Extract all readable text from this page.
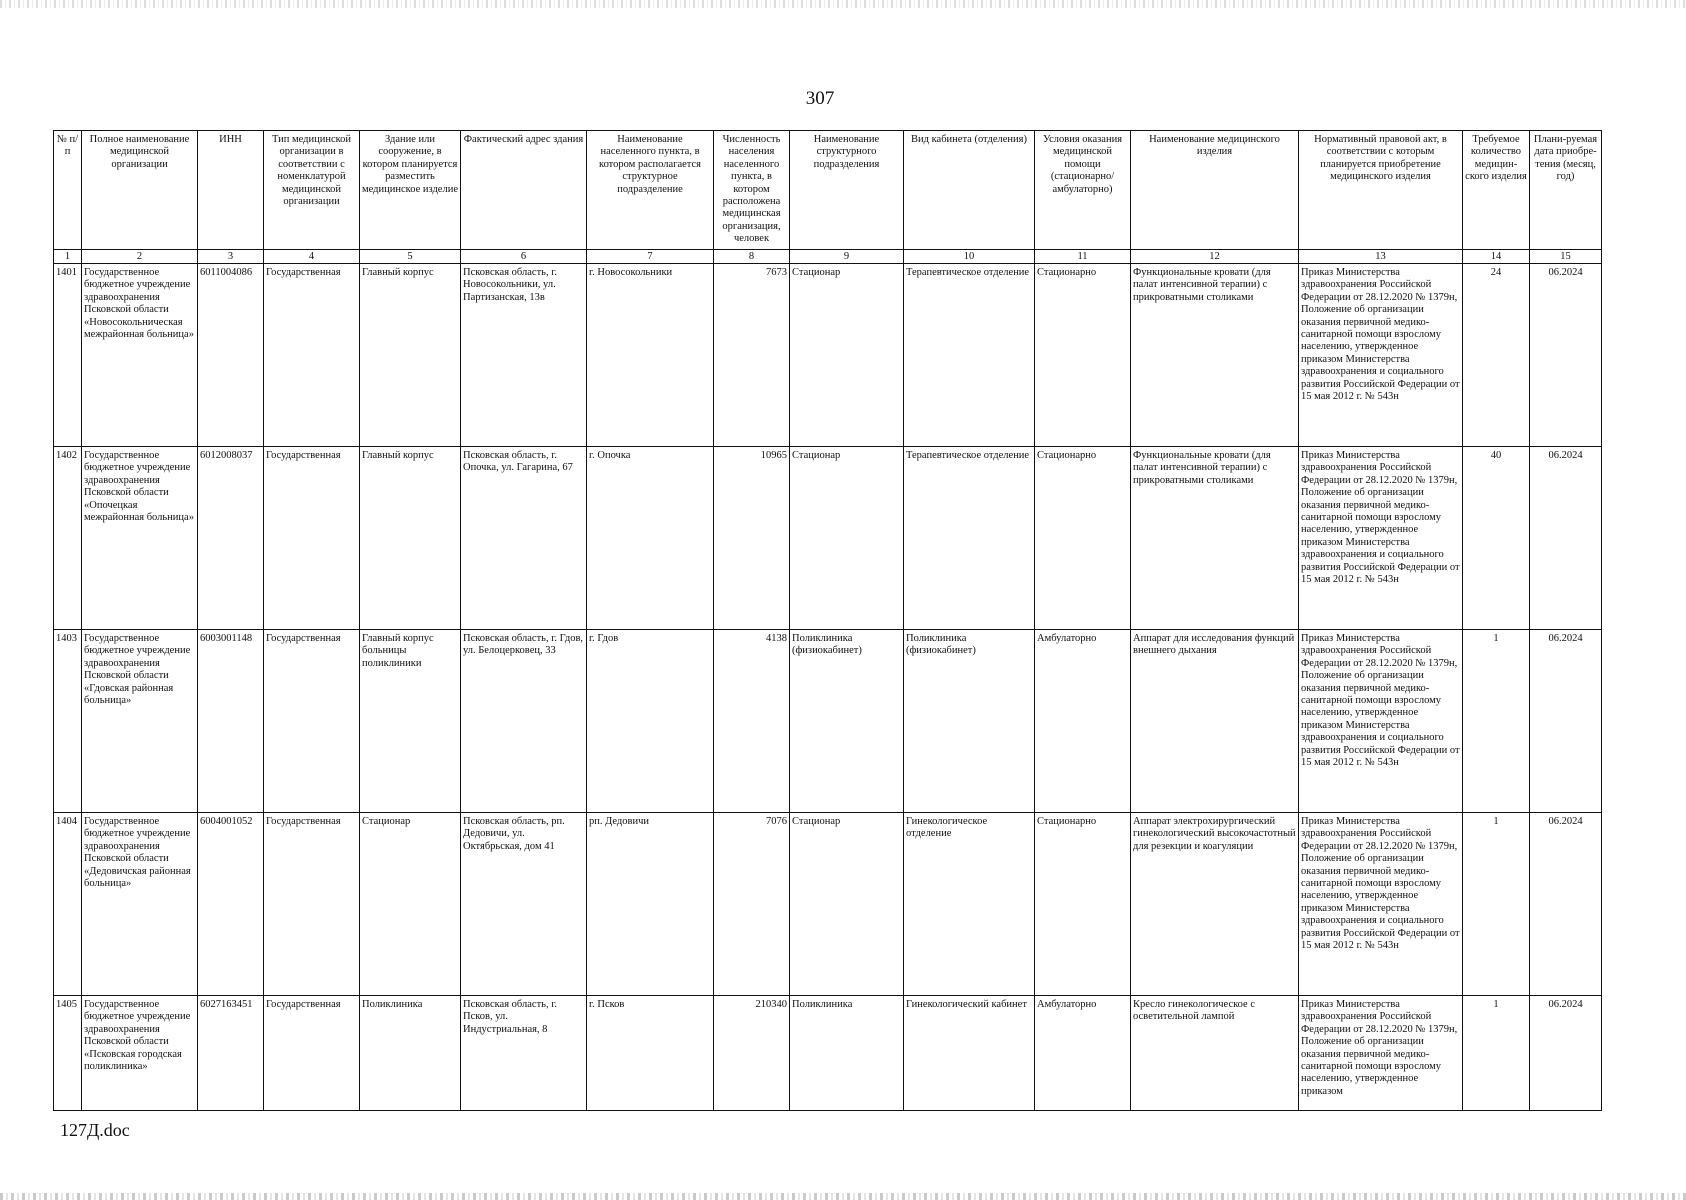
307
№ п/п	Полное наименование медицинской организации	ИНН	Тип медицинской организации в соответствии с номенклатурой медицинской организации	Здание или сооружение, в котором планируется разместить медицинское изделие	Фактический адрес здания	Наименование населенного пункта, в котором располагается структурное подразделение	Численность населения населенного пункта, в котором расположена медицинская организация, человек	Наименование структурного подразделения	Вид кабинета (отделения)	Условия оказания медицинской помощи (стационарно/ амбулаторно)	Наименование медицинского изделия	Нормативный правовой акт, в соответствии с которым планируется приобретение медицинского изделия	Требуемое количество медицин-ского изделия	Плани-руемая дата приобре-тения (месяц, год)
1	2	3	4	5	6	7	8	9	10	11	12	13	14	15
1401	Государственное бюджетное учреждение здравоохранения Псковской области «Новосокольническая межрайонная больница»	6011004086	Государственная	Главный корпус	Псковская область, г. Новосокольники, ул. Партизанская, 13в	г. Новосокольники	7673	Стационар	Терапевтическое отделение	Стационарно	Функциональные кровати (для палат интенсивной терапии) с прикроватными столиками	Приказ Министерства здравоохранения Российской Федерации от 28.12.2020 № 1379н, Положение об организации оказания первичной медико-санитарной помощи взрослому населению, утвержденное приказом Министерства здравоохранения и социального развития Российской Федерации от 15 мая 2012 г. № 543н	24	06.2024
1402	Государственное бюджетное учреждение здравоохранения Псковской области «Опочецкая межрайонная больница»	6012008037	Государственная	Главный корпус	Псковская область, г. Опочка, ул. Гагарина, 67	г. Опочка	10965	Стационар	Терапевтическое отделение	Стационарно	Функциональные кровати (для палат интенсивной терапии) с прикроватными столиками	Приказ Министерства здравоохранения Российской Федерации от 28.12.2020 № 1379н, Положение об организации оказания первичной медико-санитарной помощи взрослому населению, утвержденное приказом Министерства здравоохранения и социального развития Российской Федерации от 15 мая 2012 г. № 543н	40	06.2024
1403	Государственное бюджетное учреждение здравоохранения Псковской области «Гдовская районная больница»	6003001148	Государственная	Главный корпус больницы поликлиники	Псковская область, г. Гдов, ул. Белоцерковец, 33	г. Гдов	4138	Поликлиника (физиокабинет)	Поликлиника (физиокабинет)	Амбулаторно	Аппарат для исследования функций внешнего дыхания	Приказ Министерства здравоохранения Российской Федерации от 28.12.2020 № 1379н, Положение об организации оказания первичной медико-санитарной помощи взрослому населению, утвержденное приказом Министерства здравоохранения и социального развития Российской Федерации от 15 мая 2012 г. № 543н	1	06.2024
1404	Государственное бюджетное учреждение здравоохранения Псковской области «Дедовичская районная больница»	6004001052	Государственная	Стационар	Псковская область, рп. Дедовичи, ул. Октябрьская, дом 41	рп. Дедовичи	7076	Стационар	Гинекологическое отделение	Стационарно	Аппарат электрохирургический гинекологический высокочастотный для резекции и коагуляции	Приказ Министерства здравоохранения Российской Федерации от 28.12.2020 № 1379н, Положение об организации оказания первичной медико-санитарной помощи взрослому населению, утвержденное приказом Министерства здравоохранения и социального развития Российской Федерации от 15 мая 2012 г. № 543н	1	06.2024
1405	Государственное бюджетное учреждение здравоохранения Псковской области «Псковская городская поликлиника»	6027163451	Государственная	Поликлиника	Псковская область, г. Псков, ул. Индустриальная, 8	г. Псков	210340	Поликлиника	Гинекологический кабинет	Амбулаторно	Кресло гинекологическое с осветительной лампой	Приказ Министерства здравоохранения Российской Федерации от 28.12.2020 № 1379н, Положение об организации оказания первичной медико-санитарной помощи взрослому населению, утвержденное приказом	1	06.2024
127Д.doc
